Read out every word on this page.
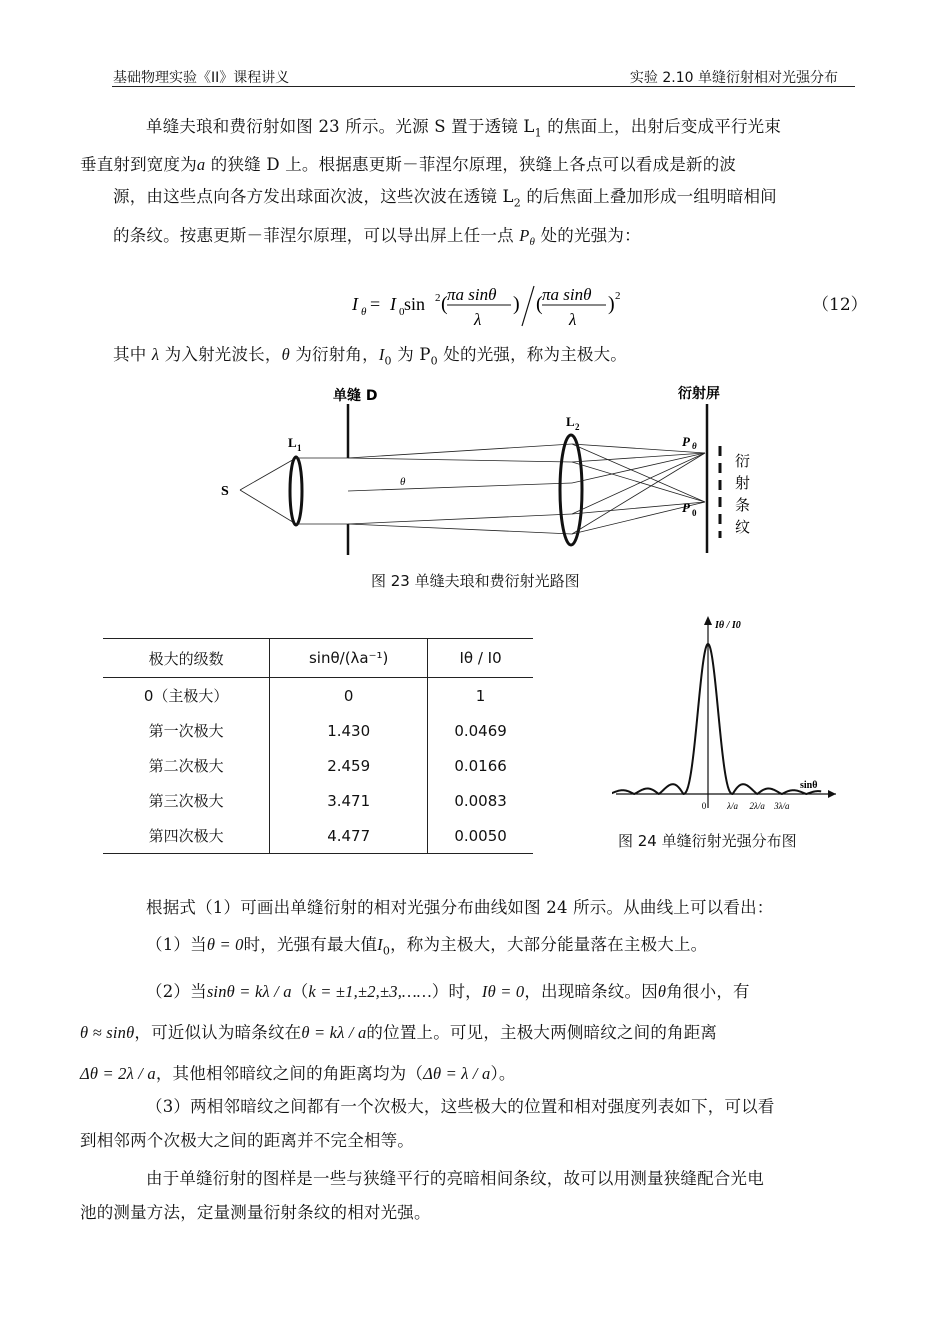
基础物理实验《II》课程讲义	实验 2.10 单缝衍射相对光强分布
单缝夫琅和费衍射如图 23 所示。光源 S 置于透镜 $L_1$ 的焦面上，出射后变成平行光束
垂直射到宽度为a 的狭缝 D 上。根据惠更斯－菲涅尔原理，狭缝上各点可以看成是新的波
源，由这些点向各方发出球面次波，这些次波在透镜 $L_2$ 的后焦面上叠加形成一组明暗相间
的条纹。按惠更斯－菲涅尔原理，可以导出屏上任一点 $P_\theta$ 处的光强为：
I θ = I 0 sin 2 ( πa sinθ
λ
) ( πa sinθ
λ
) 2	（12）
其中 λ 为入射光波长，θ 为衍射角，$I_0$ 为 $P_0$ 处的光强，称为主极大。
单缝 D	衍射屏
S
L 1
θ
L 2
P θ
P 0
衍
射
条
纹
图 23 单缝夫琅和费衍射光路图
极大的级数	sinθ/(λa⁻¹)	Iθ / I0
0（主极大）	0	1
第一次极大	1.430	0.0469
第二次极大	2.459	0.0166
第三次极大	3.471	0.0083
第四次极大	4.477	0.0050
Iθ / I0
sinθ
0 λ/a 2λ/a 3λ/a
图 24 单缝衍射光强分布图
根据式（1）可画出单缝衍射的相对光强分布曲线如图 24 所示。从曲线上可以看出：
（1）当θ = 0时，光强有最大值$I_0$，称为主极大，大部分能量落在主极大上。
（2）当sinθ = kλ / a（k = ±1,±2,±3,……）时，Iθ = 0，出现暗条纹。因θ角很小，有
θ ≈ sinθ，可近似认为暗条纹在θ = kλ / a的位置上。可见，主极大两侧暗纹之间的角距离
Δθ = 2λ / a，其他相邻暗纹之间的角距离均为（Δθ = λ / a）。
（3）两相邻暗纹之间都有一个次极大，这些极大的位置和相对强度列表如下，可以看
到相邻两个次极大之间的距离并不完全相等。
由于单缝衍射的图样是一些与狭缝平行的亮暗相间条纹，故可以用测量狭缝配合光电
池的测量方法，定量测量衍射条纹的相对光强。
